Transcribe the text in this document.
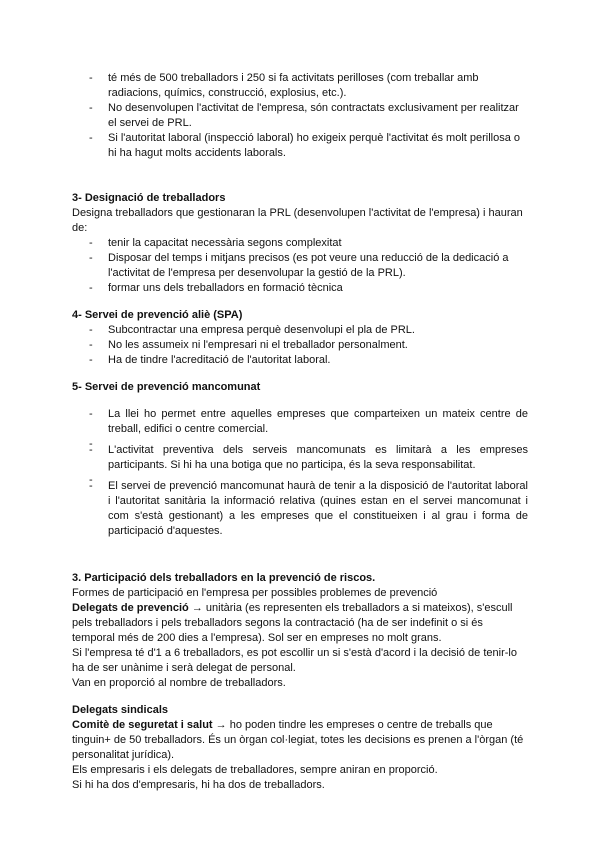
- té més de 500 treballadors i 250 si fa activitats perilloses (com treballar amb radiacions, químics, construcció, explosius, etc.).
- No desenvolupen l'activitat de l'empresa, són contractats exclusivament per realitzar el servei de PRL.
- Si l'autoritat laboral (inspecció laboral) ho exigeix perquè l'activitat és molt perillosa o hi ha hagut molts accidents laborals.

3- Designació de treballadors

Designa treballadors que gestionaran la PRL (desenvolupen l'activitat de l'empresa) i hauran de:

- tenir la capacitat necessària segons complexitat
- Disposar del temps i mitjans precisos (es pot veure una reducció de la dedicació a l'activitat de l'empresa per desenvolupar la gestió de la PRL).
- formar uns dels treballadors en formació tècnica

4- Servei de prevenció aliè (SPA)

- Subcontractar una empresa perquè desenvolupi el pla de PRL.
- No les assumeix ni l'empresari ni el treballador personalment.
- Ha de tindre l'acreditació de l'autoritat laboral.

5- Servei de prevenció mancomunat

- La llei ho permet entre aquelles empreses que comparteixen un mateix centre de treball, edifici o centre comercial.
-
- L'activitat preventiva dels serveis mancomunats es limitarà a les empreses participants. Si hi ha una botiga que no participa, és la seva responsabilitat.
-
- El servei de prevenció mancomunat haurà de tenir a la disposició de l'autoritat laboral i l'autoritat sanitària la informació relativa (quines estan en el servei mancomunat i com s'està gestionant) a les empreses que el constitueixen i al grau i forma de participació d'aquestes.

3. Participació dels treballadors en la prevenció de riscos.

Formes de participació en l'empresa per possibles problemes de prevenció

Delegats de prevenció → unitària (es representen els treballadors a si mateixos), s'escull pels treballadors i pels treballadors segons la contractació (ha de ser indefinit o si és temporal més de 200 dies a l'empresa). Sol ser en empreses no molt grans.

Si l'empresa té d'1 a 6 treballadors, es pot escollir un si s'està d'acord i la decisió de tenir-lo ha de ser unànime i serà delegat de personal.

Van en proporció al nombre de treballadors.

Delegats sindicals

Comitè de seguretat i salut → ho poden tindre les empreses o centre de treballs que tinguin+ de 50 treballadors. És un òrgan col·legiat, totes les decisions es prenen a l'òrgan (té personalitat jurídica).

Els empresaris i els delegats de treballadores, sempre aniran en proporció.

Si hi ha dos d'empresaris, hi ha dos de treballadors.
